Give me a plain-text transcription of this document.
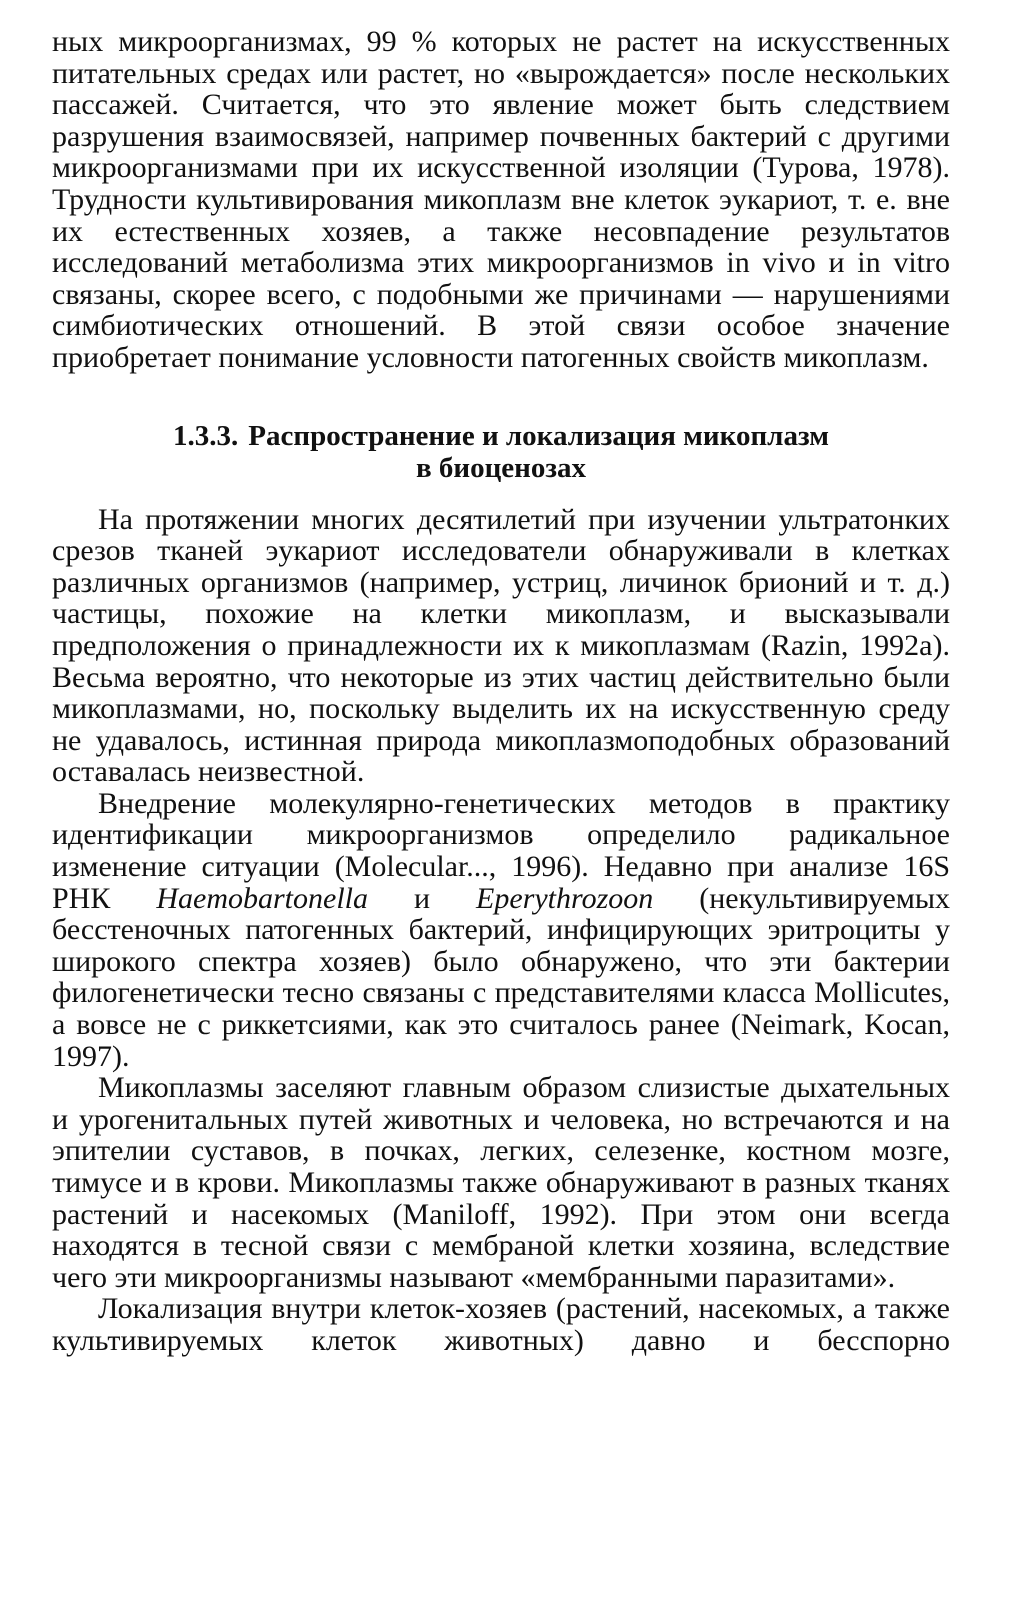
ных микроорганизмах, 99 % которых не растет на искусственных питательных средах или растет, но «вырождается» после нескольких пассажей. Считается, что это явление может быть следствием разрушения взаимосвязей, например почвенных бактерий с другими микроорганизмами при их искусственной изоляции (Турова, 1978). Трудности культивирования микоплазм вне клеток эукариот, т. е. вне их естественных хозяев, а также несовпадение результатов исследований метаболизма этих микроорганизмов in vivo и in vitro связаны, скорее всего, с подобными же причинами — нарушениями симбиотических отношений. В этой связи особое значение приобретает понимание условности патогенных свойств микоплазм.

1.3.3. Распространение и локализация микоплазм
в биоценозах

На протяжении многих десятилетий при изучении ультратонких срезов тканей эукариот исследователи обнаруживали в клетках различных организмов (например, устриц, личинок брионий и т. д.) частицы, похожие на клетки микоплазм, и высказывали предположения о принадлежности их к микоплазмам (Razin, 1992a). Весьма вероятно, что некоторые из этих частиц действительно были микоплазмами, но, поскольку выделить их на искусственную среду не удавалось, истинная природа микоплазмоподобных образований оставалась неизвестной.

Внедрение молекулярно-генетических методов в практику идентификации микроорганизмов определило радикальное изменение ситуации (Molecular..., 1996). Недавно при анализе 16S РНК Haemobartonella и Eperythrozoon (некультивируемых бесстеночных патогенных бактерий, инфицирующих эритроциты у широкого спектра хозяев) было обнаружено, что эти бактерии филогенетически тесно связаны с представителями класса Mollicutes, а вовсе не с риккетсиями, как это считалось ранее (Neimark, Kocan, 1997).

Микоплазмы заселяют главным образом слизистые дыхательных и урогенитальных путей животных и человека, но встречаются и на эпителии суставов, в почках, легких, селезенке, костном мозге, тимусе и в крови. Микоплазмы также обнаруживают в разных тканях растений и насекомых (Maniloff, 1992). При этом они всегда находятся в тесной связи с мембраной клетки хозяина, вследствие чего эти микроорганизмы называют «мембранными паразитами».

Локализация внутри клеток-хозяев (растений, насекомых, а также культивируемых клеток животных) давно и бесспорно
